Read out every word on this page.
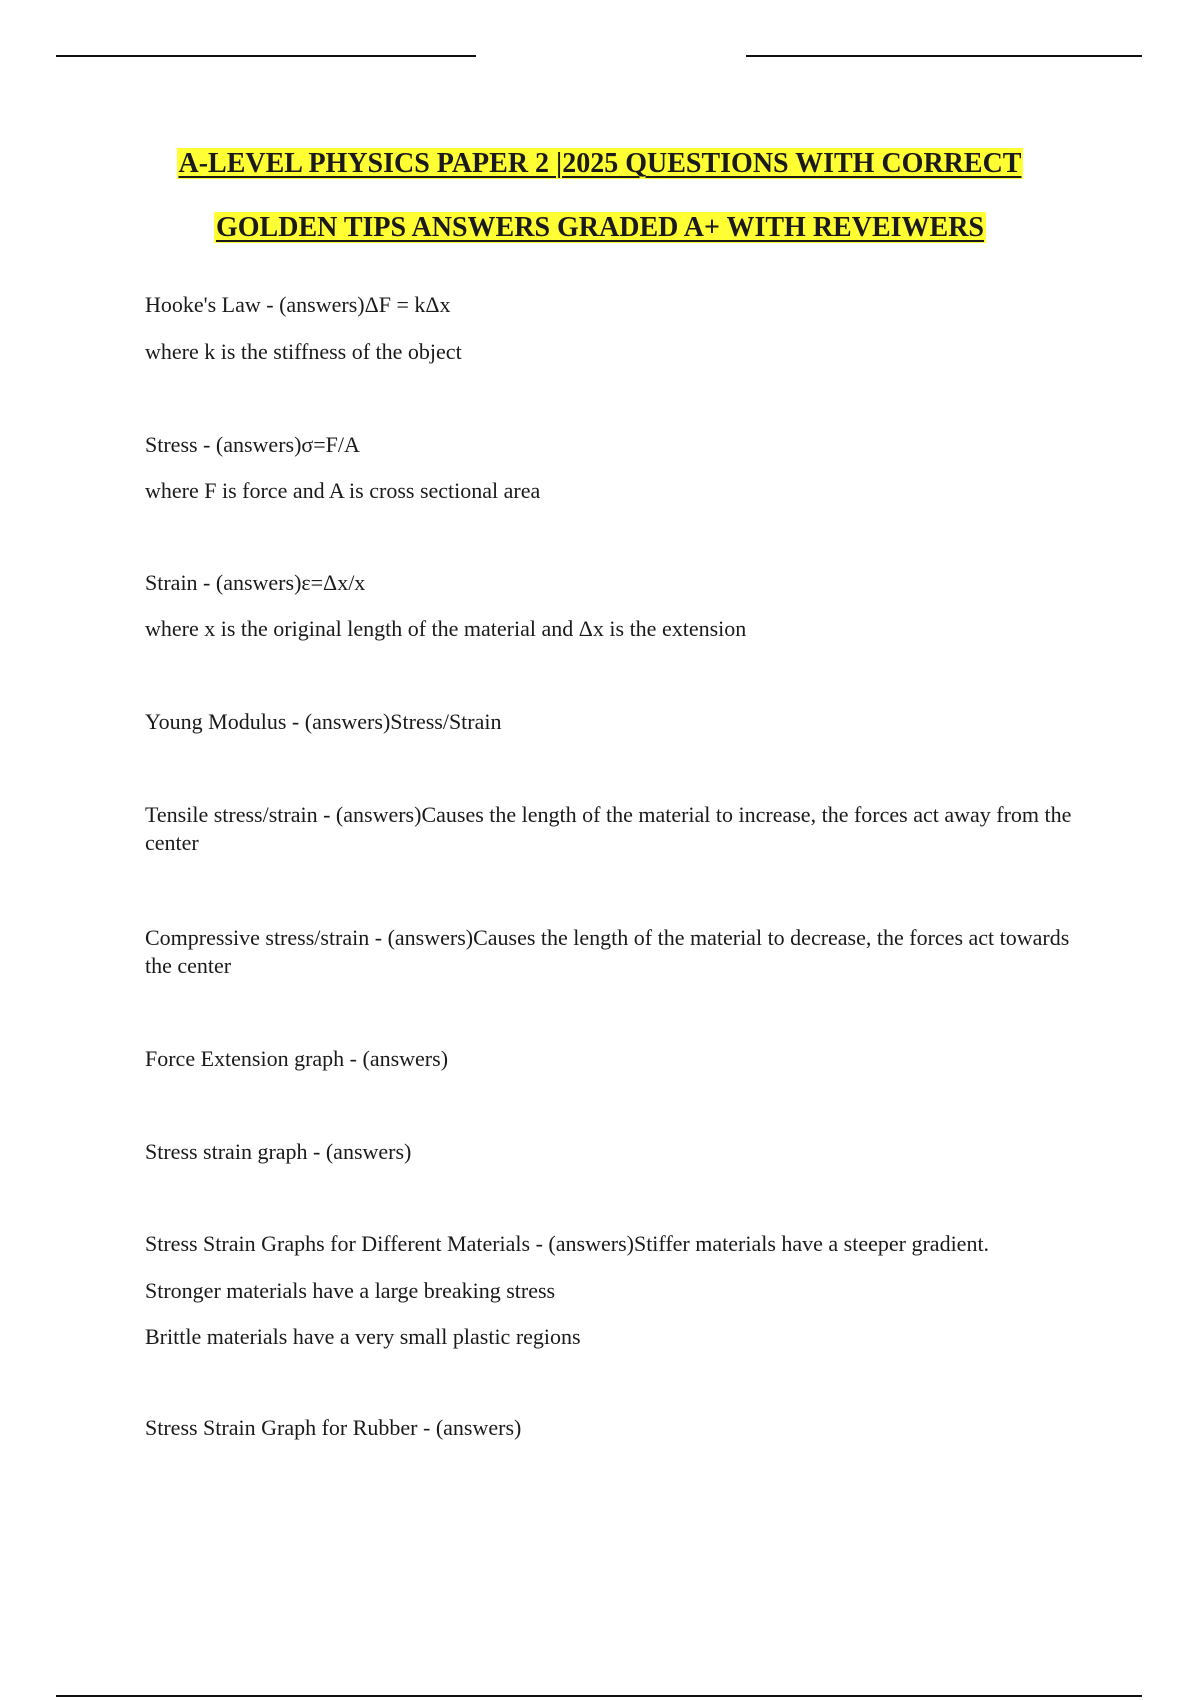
A-LEVEL PHYSICS PAPER 2 |2025 QUESTIONS WITH CORRECT
GOLDEN TIPS ANSWERS GRADED A+ WITH REVEIWERS
Hooke's Law - (answers)ΔF = kΔx
where k is the stiffness of the object
Stress - (answers)σ=F/A
where F is force and A is cross sectional area
Strain - (answers)ε=Δx/x
where x is the original length of the material and Δx is the extension
Young Modulus - (answers)Stress/Strain
Tensile stress/strain - (answers)Causes the length of the material to increase, the forces act away from the center
Compressive stress/strain - (answers)Causes the length of the material to decrease, the forces act towards the center
Force Extension graph - (answers)
Stress strain graph - (answers)
Stress Strain Graphs for Different Materials - (answers)Stiffer materials have a steeper gradient.
Stronger materials have a large breaking stress
Brittle materials have a very small plastic regions
Stress Strain Graph for Rubber - (answers)
